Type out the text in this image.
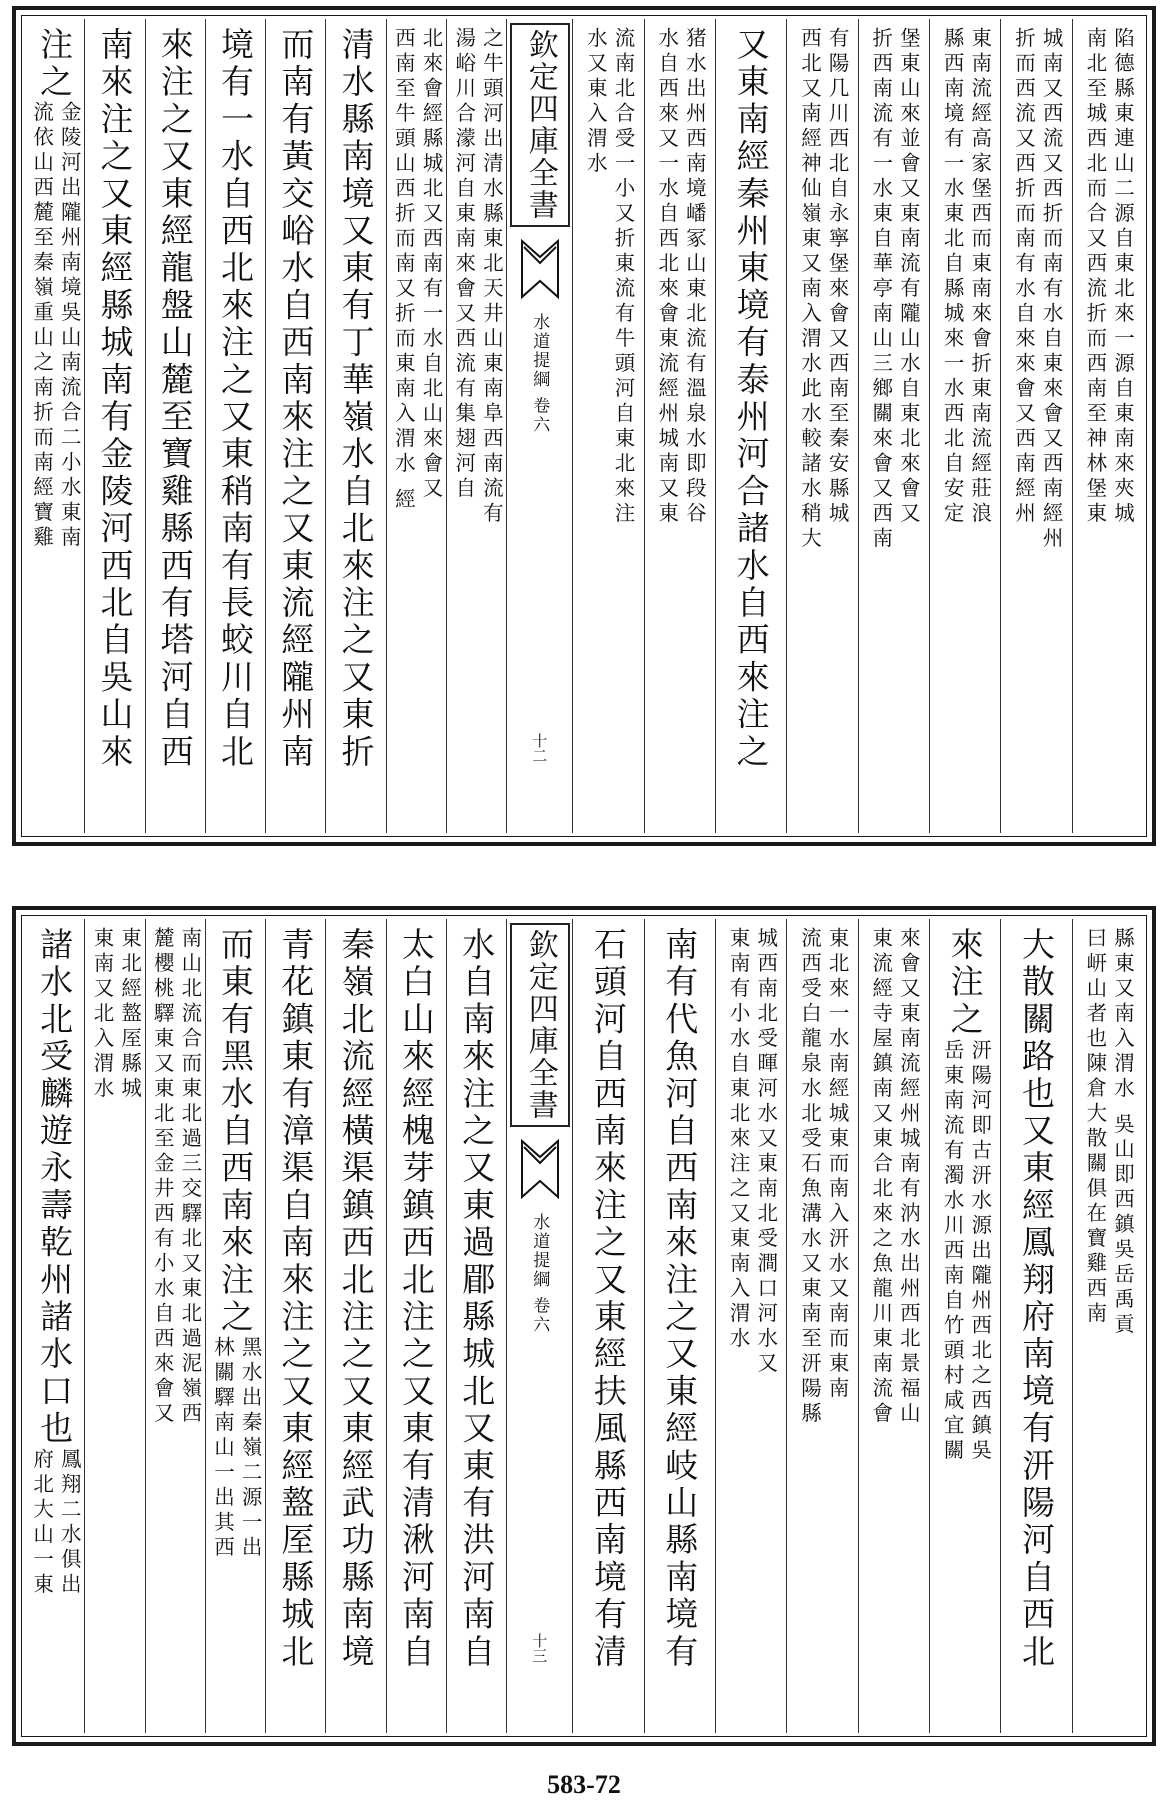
陷德縣東連山二源自東北來一源自東南來夾城
南北至城西北而合又西流折而西南至神林堡東
城南又西流又西折而南有水自東來會又西南經州
折而西流又西折而南有水自來來會又西南經州
東南流經高家堡西而東南來會折東南流經莊浪
縣西南境有一水東北自縣城來一水西北自安定
堡東山來並會又東南流有隴山水自東北來會又
折西南流有一水東自華亭南山三鄉關來會又西南
有陽几川西北自永寧堡來會又西南至秦安縣城
西北又南經神仙嶺東又南入渭水此水較諸水稍大
又東南經秦州東境有泰州河合諸水自西來注之
猪水出州西南境嶓冢山東北流有溫泉水即段谷
水自西來又一水自西北來會東流經州城南又東
流南北合受一小又折東流有牛頭河自東北來注
水又東入渭水
欽定四庫全書
水道提綱 卷六
十二
之牛頭河出清水縣東北天井山東南阜西南流有
湯峪川合濛河自東南來會又西流有集翅河自
北來會經縣城北又西南有一水自北山來會又
西南至牛頭山西折而南又折而東南入渭水 經
清水縣南境又東有丁華嶺水自北來注之又東折
而南有黃交峪水自西南來注之又東流經隴州南
境有一水自西北來注之又東稍南有長蛟川自北
來注之又東經龍盤山麓至寶雞縣西有塔河自西
南來注之又東經縣城南有金陵河西北自吳山來
注之
金陵河出隴州南境吳山南流合二小水東南
流依山西麓至秦嶺重山之南折而南經寶雞
縣東又南入渭水 吳山即西鎮吳岳禹貢
曰岍山者也陳倉大散關俱在寶雞西南
大散關路也又東經鳳翔府南境有汧陽河自西北
來注之
汧陽河即古汧水源出隴州西北之西鎮吳
岳東南流有濁水川西南自竹頭村咸宜關
來會又東南流經州城南有汭水出州西北景福山
東流經寺屋鎮南又東合北來之魚龍川東南流會
東北來一水南經城東而南入汧水又南而東南
流西受白龍泉水北受石魚溝水又東南至汧陽縣
城西南北受暉河水又東南北受澗口河水又
東南有小水自東北來注之又東南入渭水
南有代魚河自西南來注之又東經岐山縣南境有
石頭河自西南來注之又東經扶風縣西南境有清
欽定四庫全書
水道提綱 卷六
十三
水自南來注之又東過郿縣城北又東有洪河南自
太白山來經槐芽鎮西北注之又東有清湫河南自
秦嶺北流經橫渠鎮西北注之又東經武功縣南境
青花鎮東有漳渠自南來注之又東經盩厔縣城北
而東有黑水自西南來注之
黑水出秦嶺二源一出
林關驛南山一出其西
南山北流合而東北過三交驛北又東北過泥嶺西
麓櫻桃驛東又東北至金井西有小水自西來會又
東北經盩厔縣城
東南又北入渭水
諸水北受麟遊永壽乾州諸水口也
鳳翔二水俱出
府北大山一東
583-72
